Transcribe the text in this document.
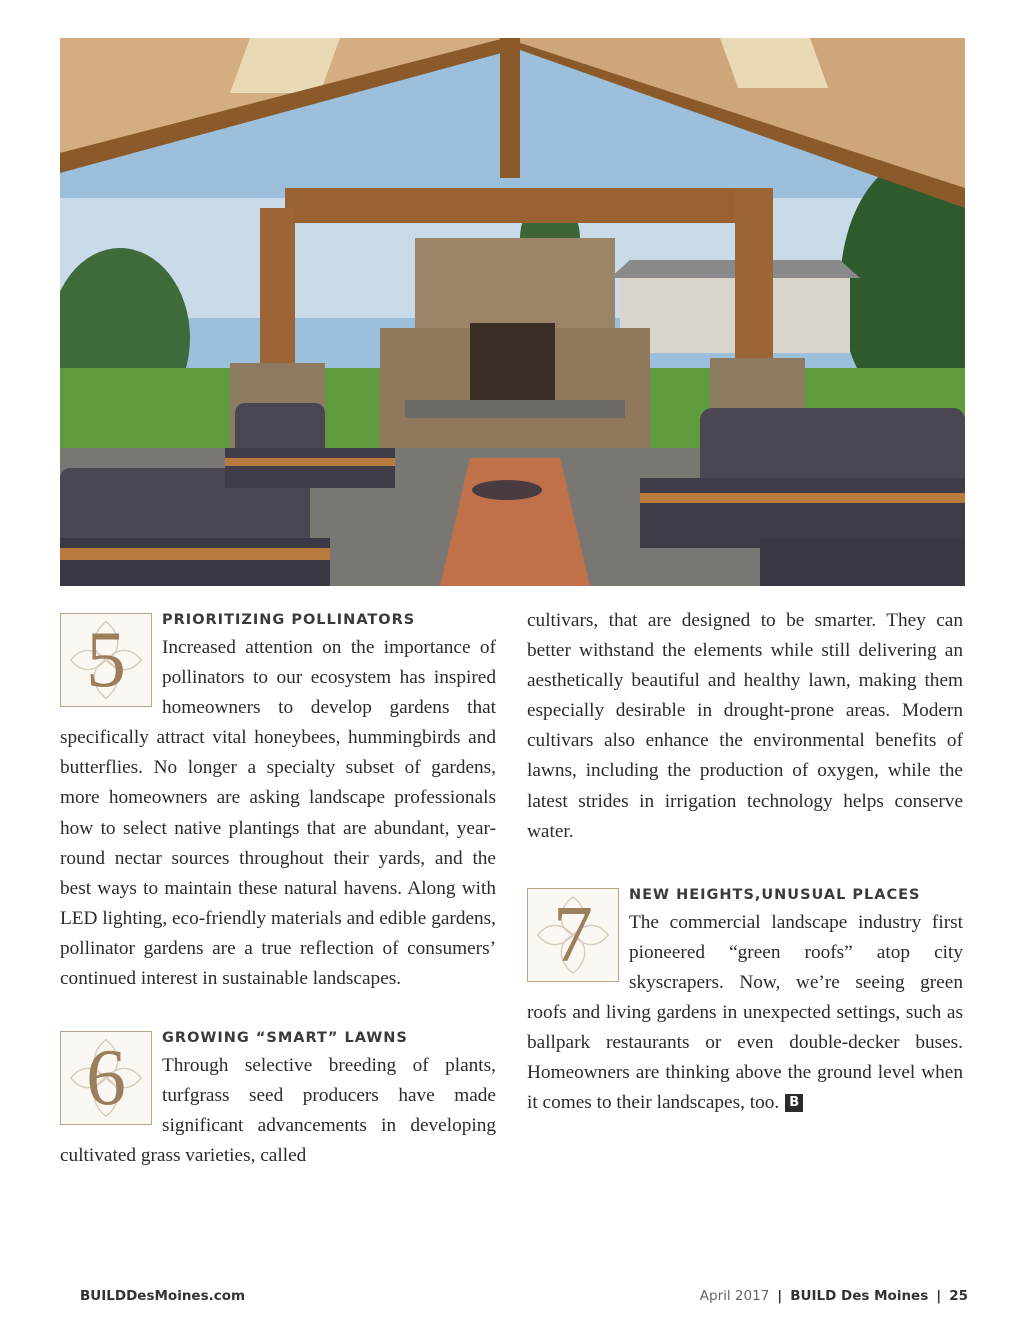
5	PRIORITIZING POLLINATORS

Increased attention on the importance of pollinators to our ecosystem has inspired homeowners to develop gardens that specifically attract vital honeybees, hummingbirds and butterflies. No longer a specialty subset of gardens, more homeowners are asking landscape professionals how to select native plantings that are abundant, year-round nectar sources throughout their yards, and the best ways to maintain these natural havens. Along with LED lighting, eco-friendly materials and edible gardens, pollinator gardens are a true reflection of consumers’ continued interest in sustainable landscapes.

6	GROWING “SMART” LAWNS

Through selective breeding of plants, turfgrass seed producers have made significant advancements in developing cultivated grass varieties, called

cultivars, that are designed to be smarter. They can better withstand the elements while still delivering an aesthetically beautiful and healthy lawn, making them especially desirable in drought-prone areas. Modern cultivars also enhance the environmental benefits of lawns, including the production of oxygen, while the latest strides in irrigation technology helps conserve water.

7	NEW HEIGHTS,UNUSUAL PLACES

The commercial landscape industry first pioneered “green roofs” atop city skyscrapers. Now, we’re seeing green roofs and living gardens in unexpected settings, such as ballpark restaurants or even double-decker buses. Homeowners are thinking above the ground level when it comes to their landscapes, too. B

BUILDDesMoines.com	April 2017 | BUILD Des Moines | 25
